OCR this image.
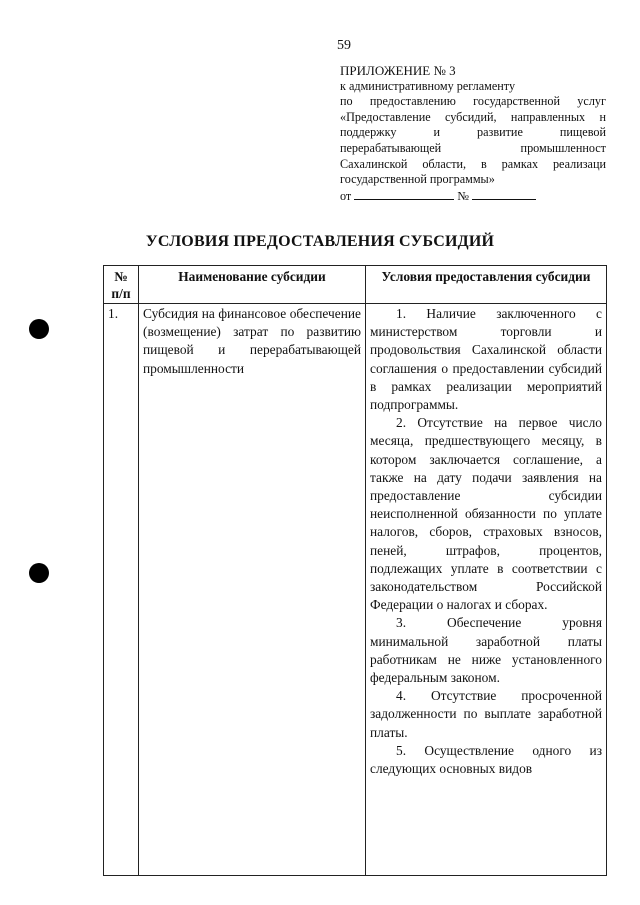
59
ПРИЛОЖЕНИЕ № 3
к административному регламенту
по предоставлению государственной услуг
«Предоставление субсидий, направленных н
поддержку и развитие пищевой
перерабатывающей промышленност
Сахалинской области, в рамках реализаци
государственной программы»
от	№
УСЛОВИЯ ПРЕДОСТАВЛЕНИЯ СУБСИДИЙ
№ п/п	Наименование субсидии	Условия предоставления субсидии
1.	Субсидия на финансовое обеспечение (возмещение) затрат по развитию пищевой и перерабатывающей промышленности	1. Наличие заключенного с министерством торговли и продовольствия Сахалинской области соглашения о предоставлении субсидий в рамках реализации мероприятий подпрограммы.

2. Отсутствие на первое число месяца, предшествующего месяцу, в котором заключается соглашение, а также на дату подачи заявления на предоставление субсидии неисполненной обязанности по уплате налогов, сборов, страховых взносов, пеней, штрафов, процентов, подлежащих уплате в соответствии с законодательством Российской Федерации о налогах и сборах.

3. Обеспечение уровня минимальной заработной платы работникам не ниже установленного федеральным законом.

4. Отсутствие просроченной задолженности по выплате заработной платы.

5. Осуществление одного из следующих основных видов
